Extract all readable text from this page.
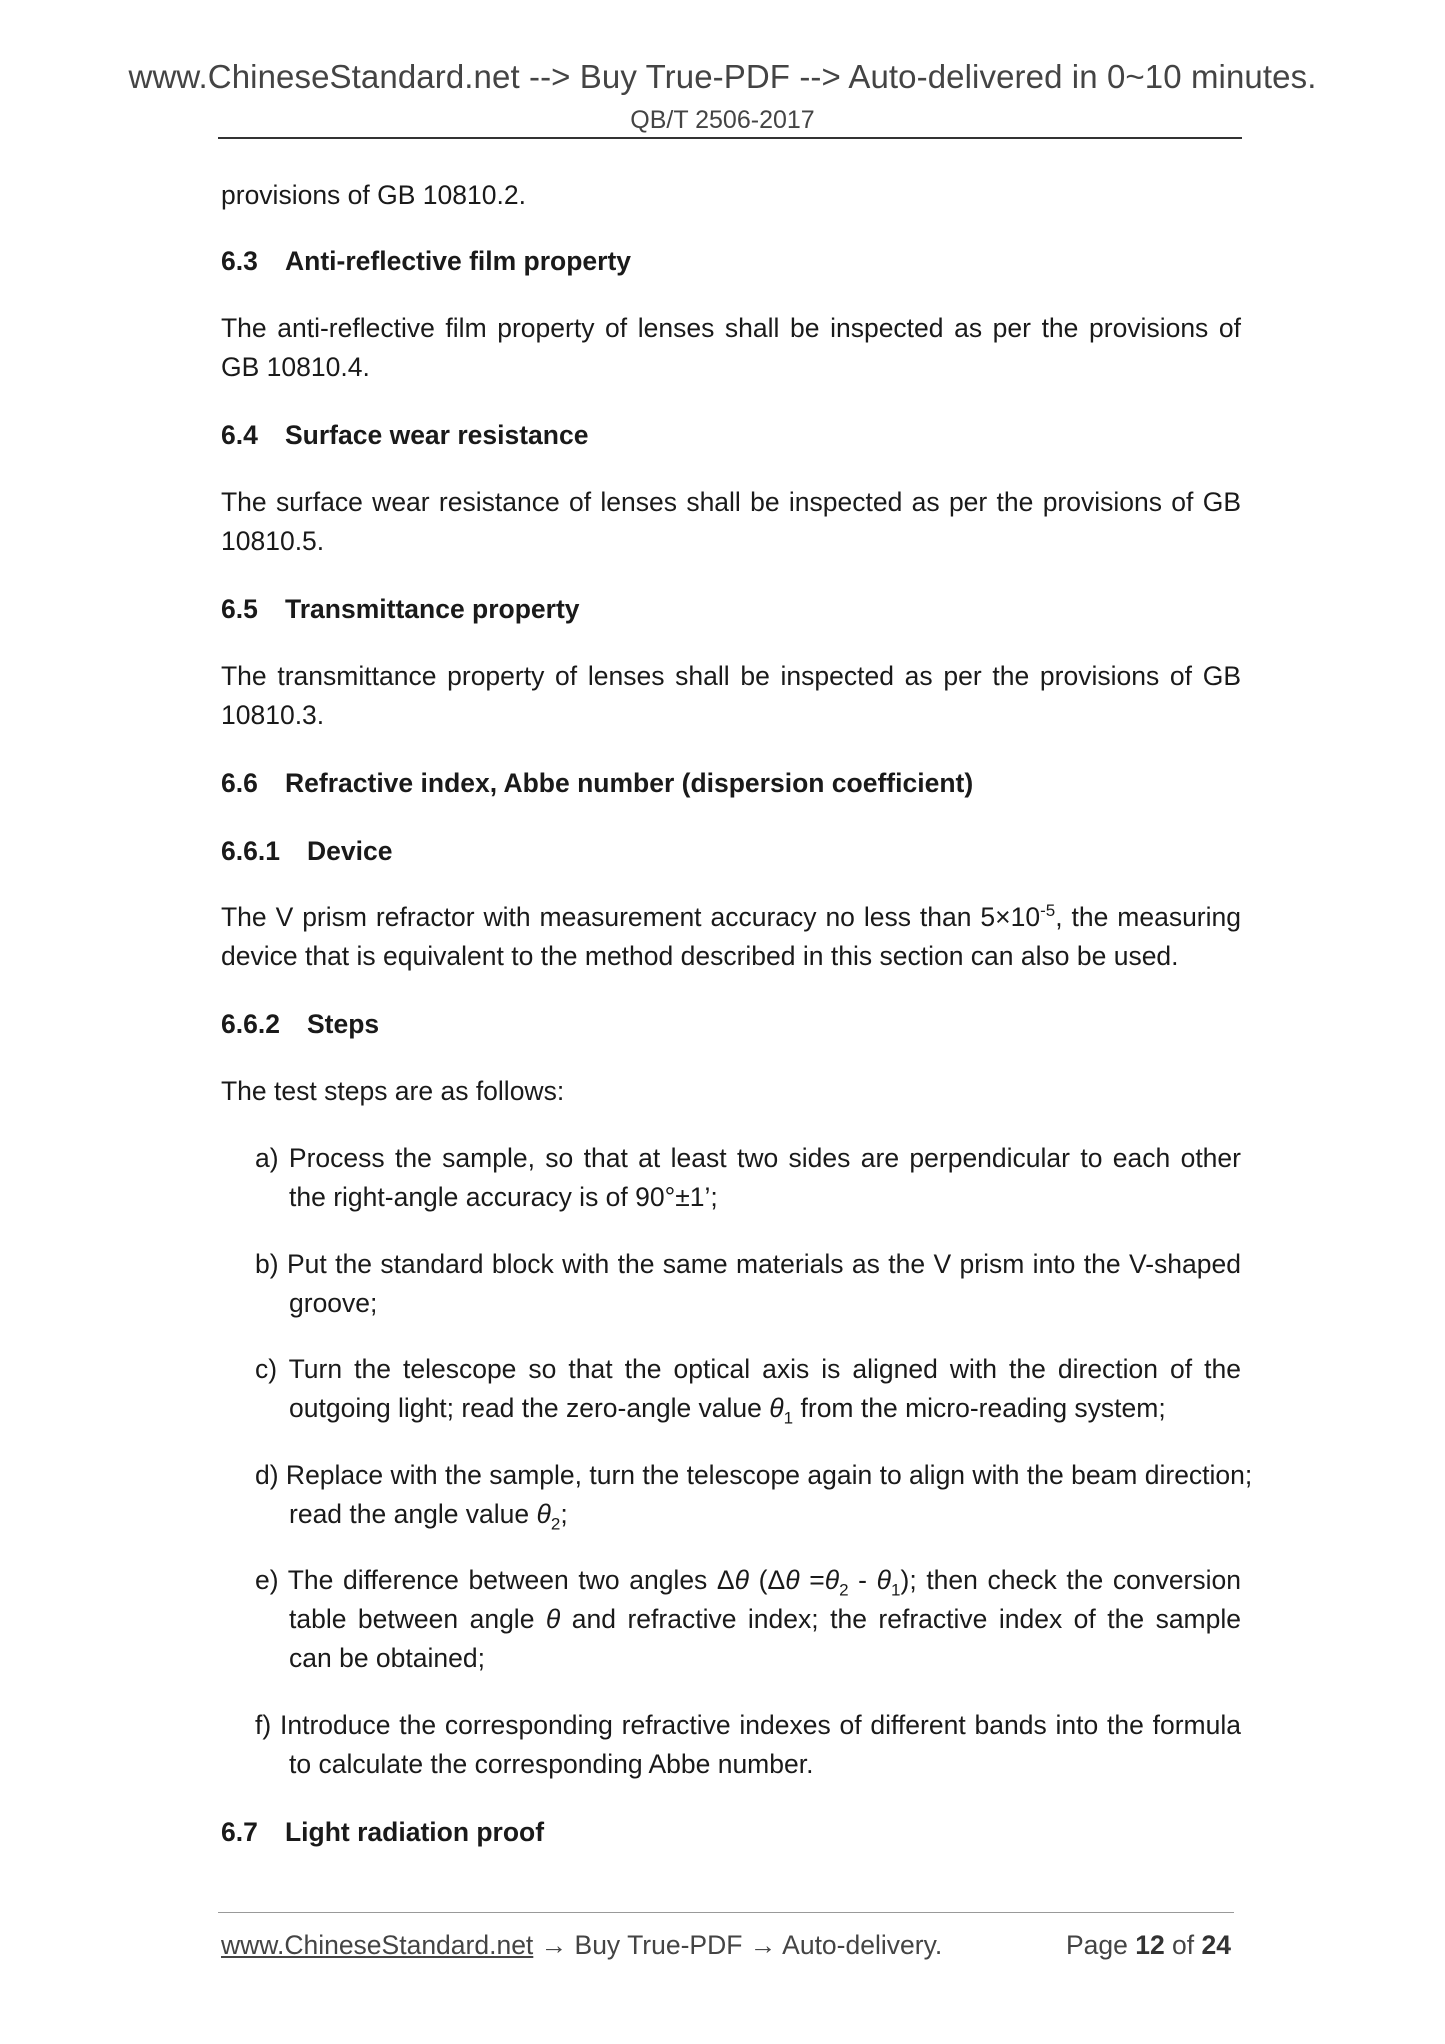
www.ChineseStandard.net --> Buy True-PDF --> Auto-delivered in 0~10 minutes.
QB/T 2506-2017

provisions of GB 10810.2.

6.3 Anti-reflective film property

The anti-reflective film property of lenses shall be inspected as per the provisions of GB 10810.4.

6.4 Surface wear resistance

The surface wear resistance of lenses shall be inspected as per the provisions of GB 10810.5.

6.5 Transmittance property

The transmittance property of lenses shall be inspected as per the provisions of GB 10810.3.

6.6 Refractive index, Abbe number (dispersion coefficient)
6.6.1 Device

The V prism refractor with measurement accuracy no less than $5\times 10^{-5}$, the measuring device that is equivalent to the method described in this section can also be used.

6.6.2 Steps

The test steps are as follows:

a) Process the sample, so that at least two sides are perpendicular to each other the right-angle accuracy is of 90°±1’;
b) Put the standard block with the same materials as the V prism into the V-shaped groove;
c) Turn the telescope so that the optical axis is aligned with the direction of the outgoing light; read the zero-angle value $\theta_1$ from the micro-reading system;
d) Replace with the sample, turn the telescope again to align with the beam direction; read the angle value $\theta_2$;
e) The difference between two angles Δθ $(\Delta\theta =\theta_2 - \theta_1)$; then check the conversion table between angle θ and refractive index; the refractive index of the sample can be obtained;
f) Introduce the corresponding refractive indexes of different bands into the formula to calculate the corresponding Abbe number.
6.7 Light radiation proof
www.ChineseStandard.net → Buy True-PDF → Auto-delivery.	Page 12 of 24
